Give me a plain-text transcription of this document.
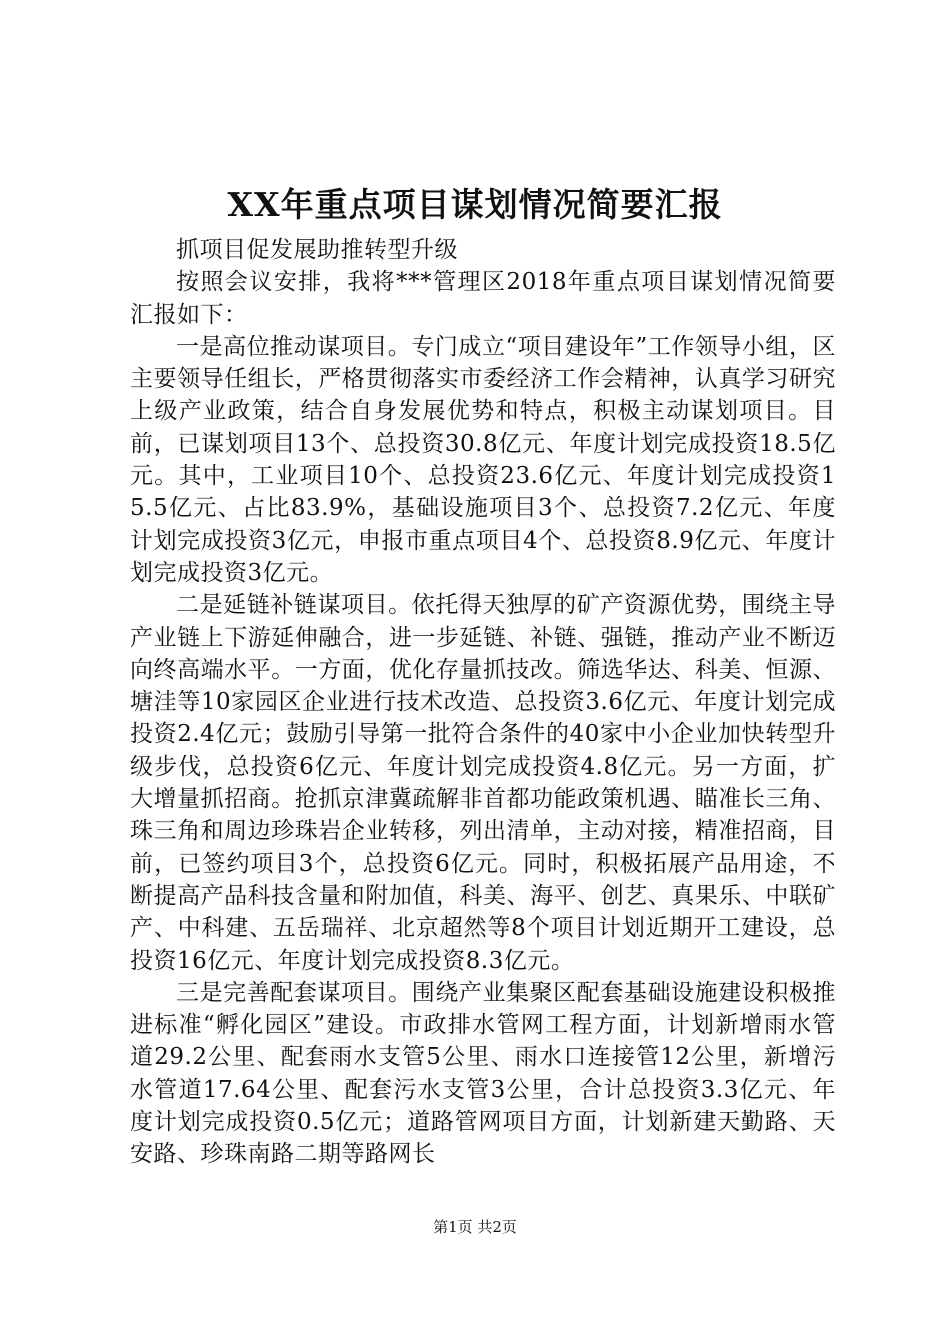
XX年重点项目谋划情况简要汇报

抓项目促发展助推转型升级

按照会议安排，我将***管理区2018年重点项目谋划情况简要汇报如下：

一是高位推动谋项目。专门成立“项目建设年”工作领导小组，区主要领导任组长，严格贯彻落实市委经济工作会精神，认真学习研究上级产业政策，结合自身发展优势和特点，积极主动谋划项目。目前，已谋划项目13个、总投资30.8亿元、年度计划完成投资18.5亿元。其中，工业项目10个、总投资23.6亿元、年度计划完成投资15.5亿元、占比83.9%，基础设施项目3个、总投资7.2亿元、年度计划完成投资3亿元，申报市重点项目4个、总投资8.9亿元、年度计划完成投资3亿元。

二是延链补链谋项目。依托得天独厚的矿产资源优势，围绕主导产业链上下游延伸融合，进一步延链、补链、强链，推动产业不断迈向终高端水平。一方面，优化存量抓技改。筛选华达、科美、恒源、塘洼等10家园区企业进行技术改造、总投资3.6亿元、年度计划完成投资2.4亿元；鼓励引导第一批符合条件的40家中小企业加快转型升级步伐，总投资6亿元、年度计划完成投资4.8亿元。另一方面，扩大增量抓招商。抢抓京津冀疏解非首都功能政策机遇、瞄准长三角、珠三角和周边珍珠岩企业转移，列出清单，主动对接，精准招商，目前，已签约项目3个，总投资6亿元。同时，积极拓展产品用途，不断提高产品科技含量和附加值，科美、海平、创艺、真果乐、中联矿产、中科建、五岳瑞祥、北京超然等8个项目计划近期开工建设，总投资16亿元、年度计划完成投资8.3亿元。

三是完善配套谋项目。围绕产业集聚区配套基础设施建设积极推进标准“孵化园区”建设。市政排水管网工程方面，计划新增雨水管道29.2公里、配套雨水支管5公里、雨水口连接管12公里，新增污水管道17.64公里、配套污水支管3公里，合计总投资3.3亿元、年度计划完成投资0.5亿元；道路管网项目方面，计划新建天勤路、天安路、珍珠南路二期等路网长

第1页 共2页
